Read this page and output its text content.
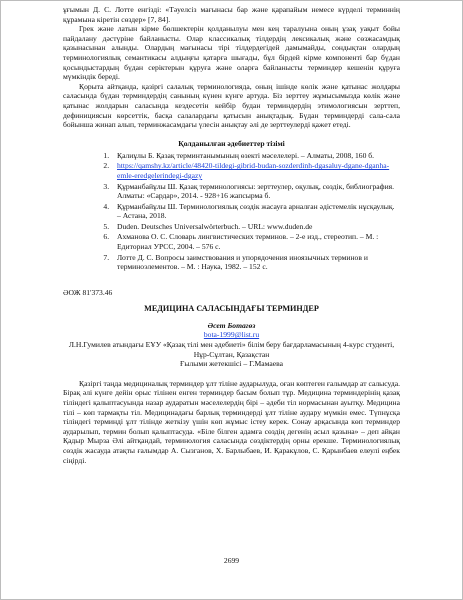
ұғымын Д. С. Лотте енгізді: «Тәуелсіз мағынасы бар және қарапайым немесе күрделі терминнің құрамына кіретін сөздер» [7, 84].

Грек және латын кірме бөлшектерін қолданылуы мен кең таралуына оның ұзақ уақыт бойы пайдалану дәстүріне байланысты. Олар классикалық тілдердің лексикалық және сөзжасамдық қазынасынан алынды. Олардың мағынасы тірі тілдердегідей дамымайды, сондықтан олардың терминологиялық семантикасы алдыңғы қатарға шығады, бұл бірдей кірме компоненті бар бүдан қосындыстардың бүдан серіктерын құруға және оларға байланысты терминдер кешенін құруға мүмкіндік береді.

Қорыта айтқанда, қазіргі салалық терминологияда, оның ішінде көлік және қатынас жолдары саласында бүдан терминдердің санының күнен күнге артуда. Біз зерттеу жұмысымызда көлік және қатынас жолдарын саласында кездесетін кейбір будан терминдердің этимологиясын зерттеп, дефинициясын көрсеттік, басқа салалардағы қатысын анықтадық. Бүдан терминдерді сала-сала бойынша жинап алып, терминжасамдағы үлесін анықтау әлі де зерттеулерді қажет етеді.

Қолданылған әдебиеттер тізімі
1. Қалиұлы Б. Қазақ терминтанымының өзекті мәселелері. – Алматы, 2008, 160 б.
2. https://qamshy.kz/article/48420-tildegi-gibrid-budan-sozderdinh-dgasaluy-dgane-dganha-emle-eredgelerindegi-dgazy
3. Құрманбайұлы Ш. Қазақ терминологиясы: зерттеулер, оқулық, сөздік, библиография. Алматы: «Сардар», 2014. - 928+16 жапсырма б.
4. Құрманбайұлы Ш. Терминологиялық сөздік жасауға арналған әдістемелік нұсқаулық. – Астана, 2018.
5. Duden. Deutsches Universalwörterbuch. – URL: www.duden.de
6. Ахманова О. С. Словарь лингвистических терминов. – 2-е изд., стереотип. – М. : Едиториал УРСС, 2004. – 576 с.
7. Лотте Д. С. Вопросы заимствования и упорядочения иноязычных терминов и терминоэлементов. – М. : Наука, 1982. – 152 с.
ӘОЖ 81'373.46
МЕДИЦИНА САЛАСЫНДАҒЫ ТЕРМИНДЕР
Әсет Ботагөз
bota-1999@list.ru
Л.Н.Гумилев атындағы ЕҰУ «Қазақ тілі мен әдебиеті» білім беру бағдарламасының 4-курс студенті, Нұр-Сұлтан, Қазақстан
Ғылыми жетекшісі – Г.Мамаева

Қазіргі таңда медициналық терминдер ұлт тіліне аударылуда, оған көптеген ғалымдар ат салысуда. Бірақ әлі күнге дейін орыс тілінен енген терминдер басым болып тұр. Медицина терминдерінің қазақ тіліндегі қалыптасуында назар аударатын мәселелердің бірі – әдеби тіл нормасынан ауытқу. Медицина тілі – көп тармақты тіл. Медицинадағы барлық терминдерді ұлт тіліне аудару мүмкін емес. Түпнұсқа тіліндегі терминді ұлт тілінде жеткізу үшін көп жұмыс істеу керек. Сонау арқасында көп терминдер аударылып, термин болып қалыптасуда. «Біле білген адамға сөздің дегенің асыл қазына» – деп айқан Қадыр Мырза Әлі айтқандай, терминология саласында сөздіктердің орны ерекше. Терминологиялық сөздік жасауда атақты ғалымдар А. Сызганов, Х. Барлыбаев, И. Қаракұлов, С. Қарынбаев елеулі еңбек сіңірді.

2699
